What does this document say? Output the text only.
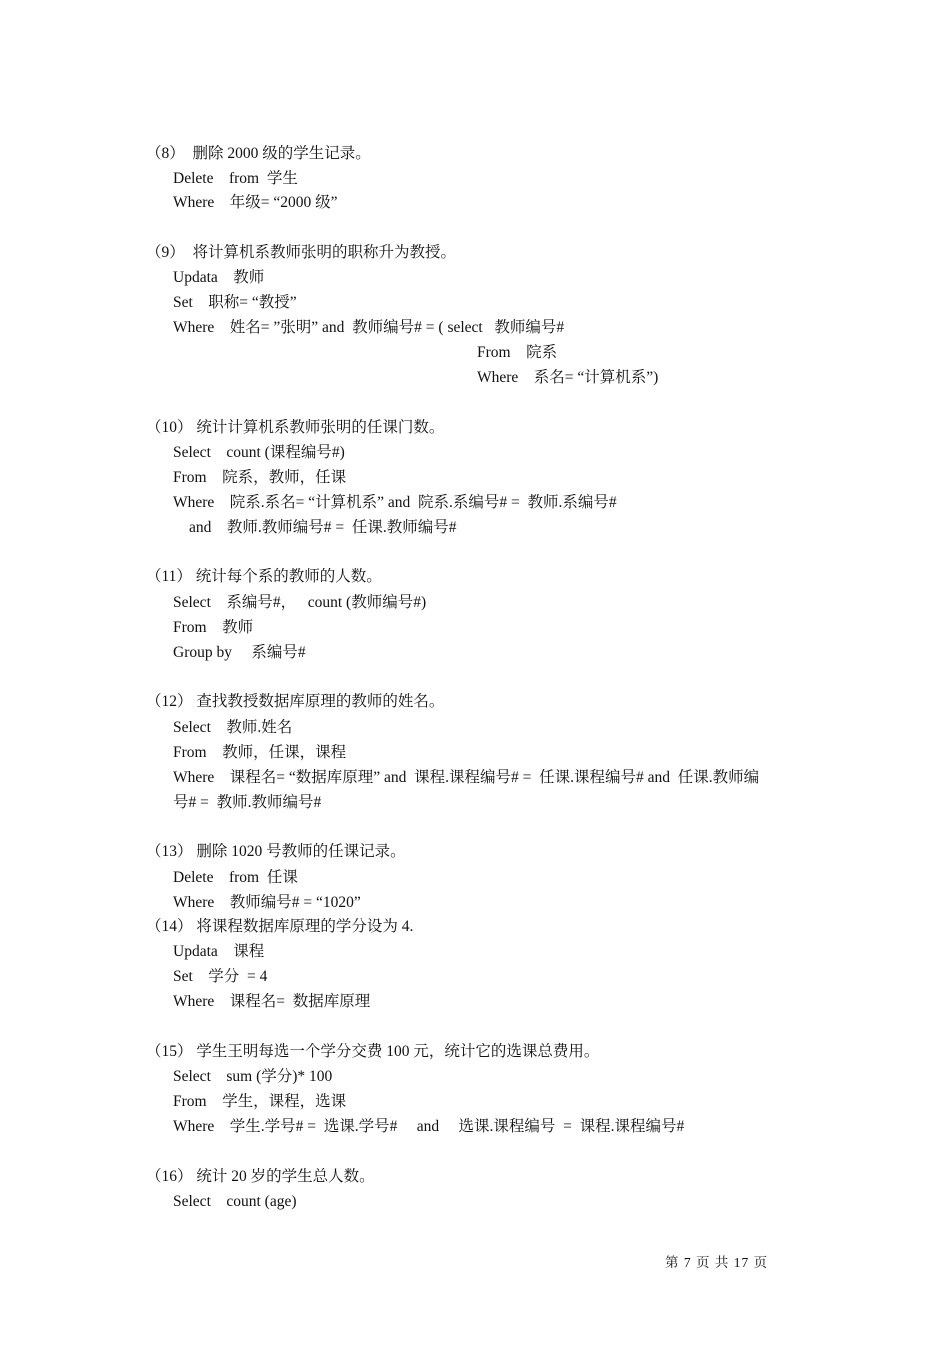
（8）  删除 2000 级的学生记录。
Delete    from  学生
Where    年级= “2000 级”
（9）  将计算机系教师张明的职称升为教授。
Updata    教师
Set    职称= “教授”
Where    姓名= ”张明” and  教师编号# = ( select   教师编号#
From    院系
Where    系名= “计算机系”)
（10） 统计计算机系教师张明的任课门数。
Select    count (课程编号#)
From    院系，教师，任课
Where    院系.系名= “计算机系” and  院系.系编号# =  教师.系编号#
and    教师.教师编号# =  任课.教师编号#
（11） 统计每个系的教师的人数。
Select    系编号#，   count (教师编号#)
From    教师
Group by     系编号#
（12） 查找教授数据库原理的教师的姓名。
Select    教师.姓名
From    教师，任课，课程
Where    课程名= “数据库原理” and  课程.课程编号# =  任课.课程编号# and  任课.教师编
号# =  教师.教师编号#
（13） 删除 1020 号教师的任课记录。
Delete    from  任课
Where    教师编号# = “1020”
（14） 将课程数据库原理的学分设为 4.
Updata    课程
Set    学分  = 4
Where    课程名=  数据库原理
（15） 学生王明每选一个学分交费 100 元，统计它的选课总费用。
Select    sum (学分)* 100
From    学生，课程，选课
Where    学生.学号# =  选课.学号#     and     选课.课程编号  =  课程.课程编号#
（16） 统计 20 岁的学生总人数。
Select    count (age)
第 7 页 共 17 页
